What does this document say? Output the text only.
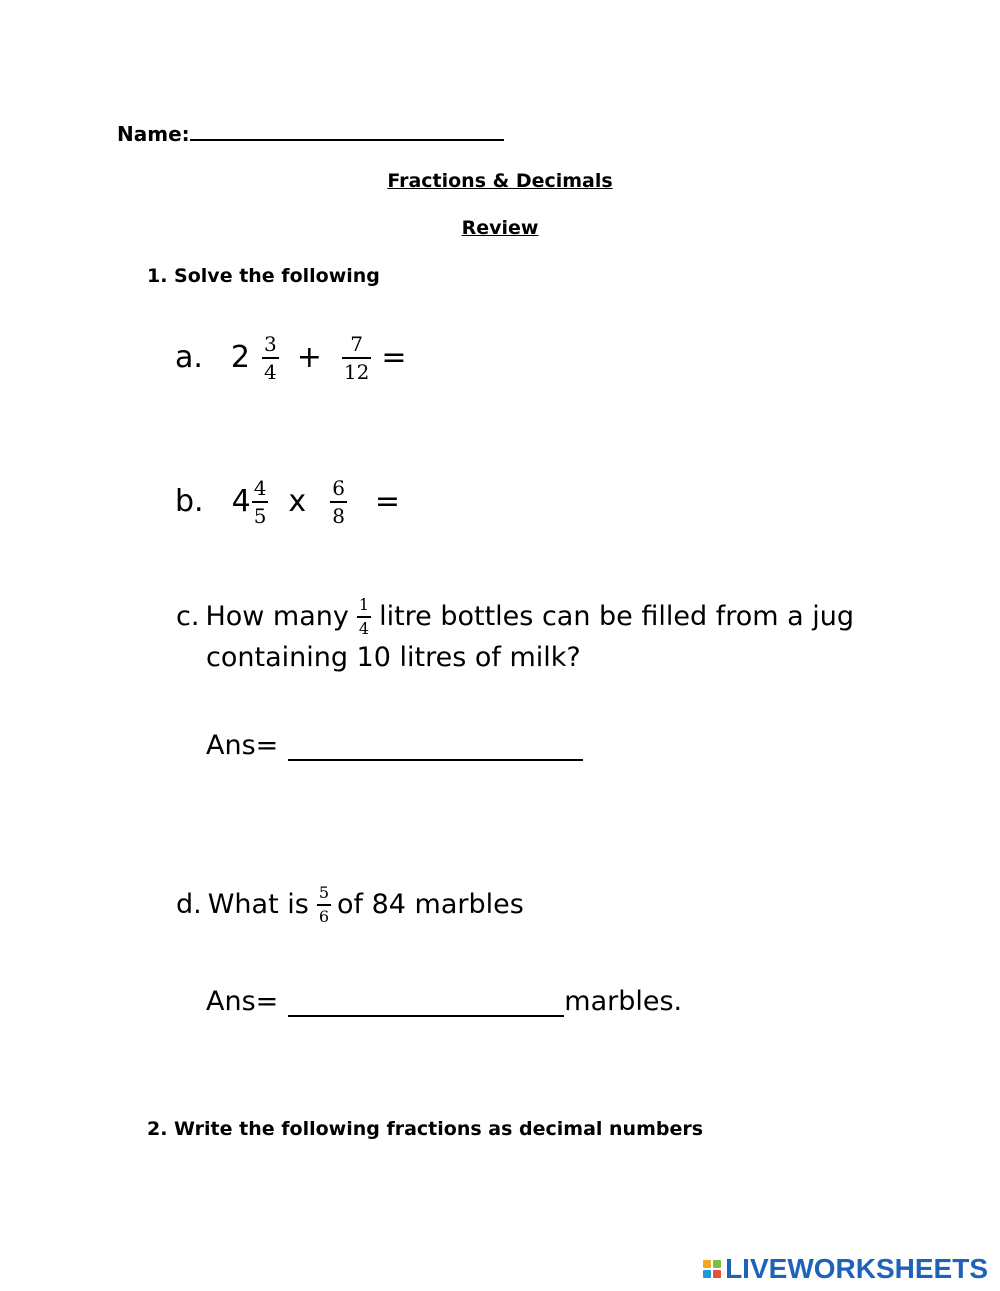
Name:
Fractions & Decimals
Review
1. Solve the following
a. $2 \frac{3}{4} + \frac{7}{12}$ =
b. $4 \frac{4}{5}$ x $\frac{6}{8}$ =
c. How many $\frac{1}{4}$ litre bottles can be filled from a jug
containing 10 litres of milk?
Ans=
d. What is $\frac{5}{6}$ of 84 marbles
Ans=	marbles.
2. Write the following fractions as decimal numbers
LIVEWORKSHEETS
